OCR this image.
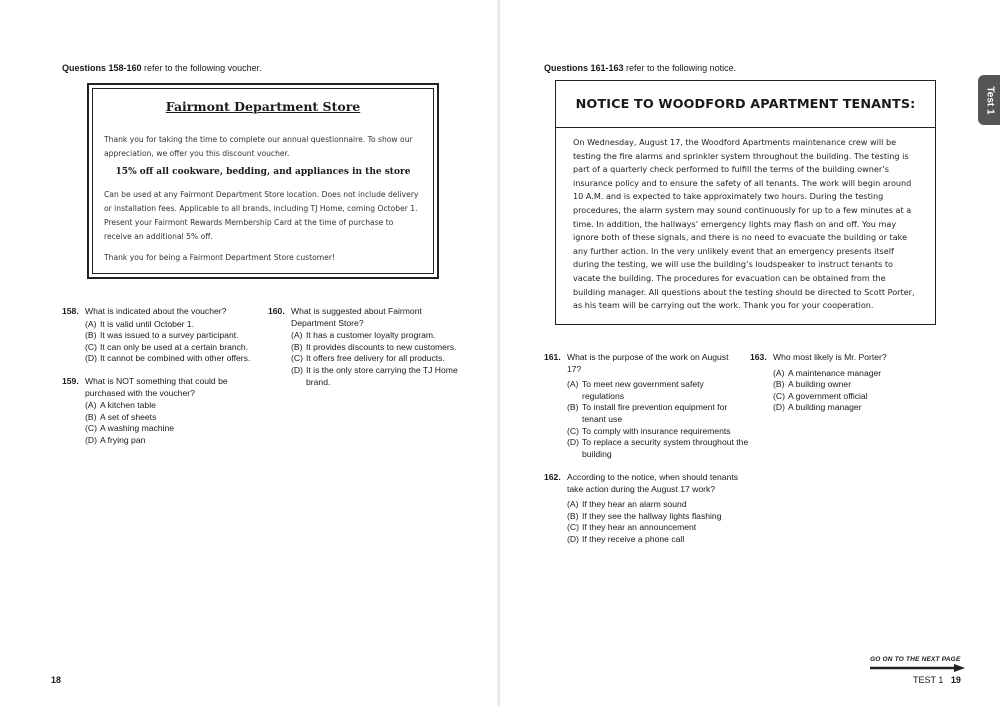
Questions 158-160 refer to the following voucher.
Fairmont Department Store
Thank you for taking the time to complete our annual questionnaire. To show our appreciation, we offer you this discount voucher.
15% off all cookware, bedding, and appliances in the store
Can be used at any Fairmont Department Store location. Does not include delivery or installation fees. Applicable to all brands, including TJ Home, coming October 1. Present your Fairmont Rewards Membership Card at the time of purchase to receive an additional 5% off.
Thank you for being a Fairmont Department Store customer!
158. What is indicated about the voucher?
(A) It is valid until October 1.
(B) It was issued to a survey participant.
(C) It can only be used at a certain branch.
(D) It cannot be combined with other offers.
159. What is NOT something that could be purchased with the voucher?
(A) A kitchen table
(B) A set of sheets
(C) A washing machine
(D) A frying pan
160. What is suggested about Fairmont Department Store?
(A) It has a customer loyalty program.
(B) It provides discounts to new customers.
(C) It offers free delivery for all products.
(D) It is the only store carrying the TJ Home brand.
18
Questions 161-163 refer to the following notice.
NOTICE TO WOODFORD APARTMENT TENANTS:
On Wednesday, August 17, the Woodford Apartments maintenance crew will be testing the fire alarms and sprinkler system throughout the building. The testing is part of a quarterly check performed to fulfill the terms of the building owner’s insurance policy and to ensure the safety of all tenants. The work will begin around 10 A.M. and is expected to take approximately two hours. During the testing procedures, the alarm system may sound continuously for up to a few minutes at a time. In addition, the hallways’ emergency lights may flash on and off. You may ignore both of these signals, and there is no need to evacuate the building or take any further action. In the very unlikely event that an emergency presents itself during the testing, we will use the building’s loudspeaker to instruct tenants to vacate the building. The procedures for evacuation can be obtained from the building manager. All questions about the testing should be directed to Scott Porter, as his team will be carrying out the work. Thank you for your cooperation.
161. What is the purpose of the work on August 17?
(A) To meet new government safety regulations
(B) To install fire prevention equipment for tenant use
(C) To comply with insurance requirements
(D) To replace a security system throughout the building
162. According to the notice, when should tenants take action during the August 17 work?
(A) If they hear an alarm sound
(B) If they see the hallway lights flashing
(C) If they hear an announcement
(D) If they receive a phone call
163. Who most likely is Mr. Porter?
(A) A maintenance manager
(B) A building owner
(C) A government official
(D) A building manager
Test 1
GO ON TO THE NEXT PAGE
TEST 1 19
